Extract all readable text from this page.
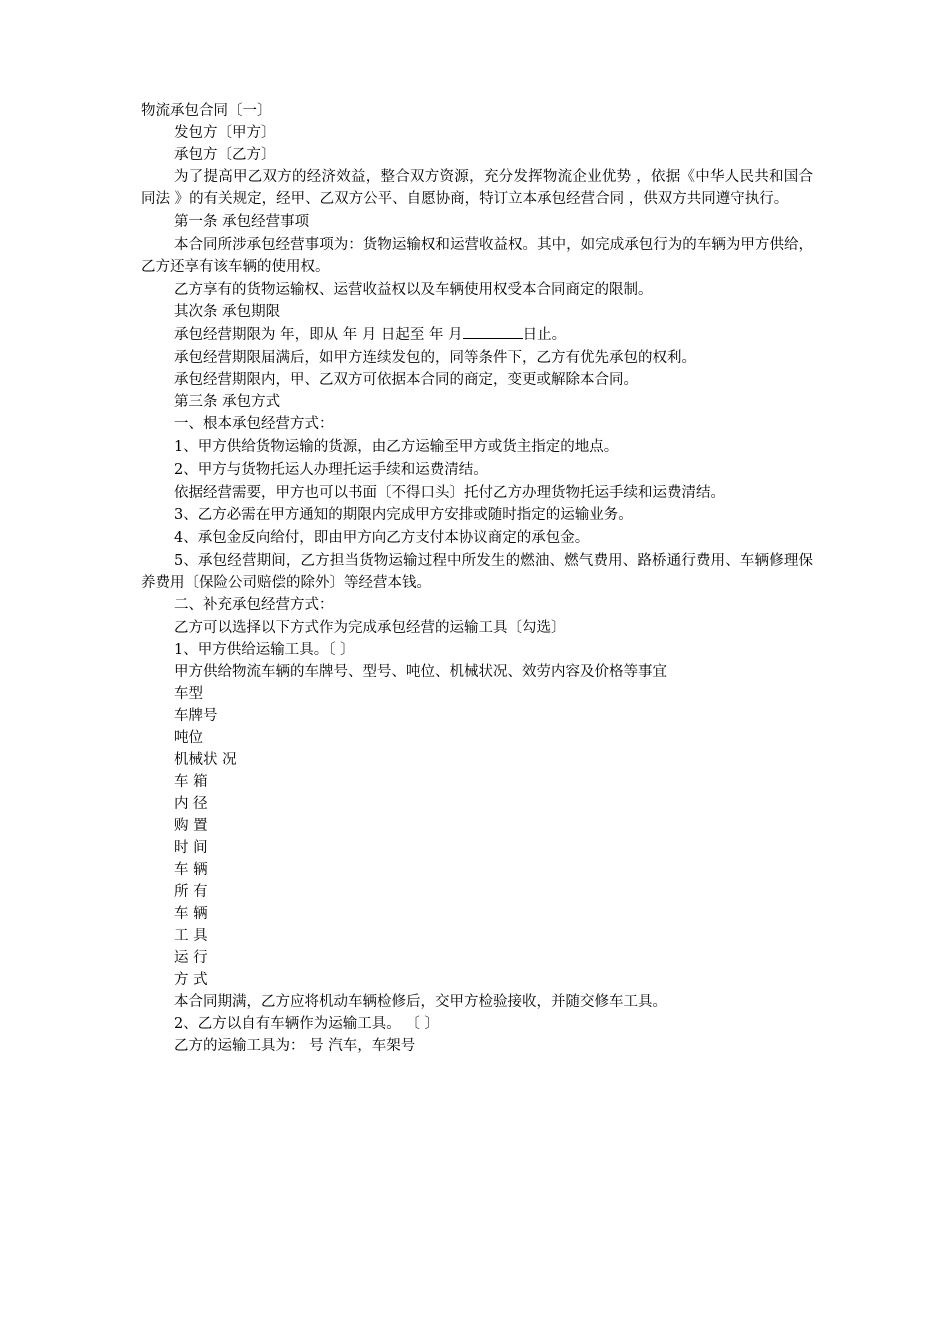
物流承包合同〔一〕

发包方〔甲方〕

承包方〔乙方〕

为了提高甲乙双方的经济效益，整合双方资源，充分发挥物流企业优势 ，依据《中华人民共和国合同法 》的有关规定，经甲、乙双方公平、自愿协商，特订立本承包经营合同 ，供双方共同遵守执行。

第一条 承包经营事项

本合同所涉承包经营事项为：货物运输权和运营收益权。其中，如完成承包行为的车辆为甲方供给，乙方还享有该车辆的使用权。

乙方享有的货物运输权、运营收益权以及车辆使用权受本合同商定的限制。

其次条 承包期限

承包经营期限为 年，即从 年 月 日起至 年 月	日止。

承包经营期限届满后，如甲方连续发包的，同等条件下，乙方有优先承包的权利。

承包经营期限内，甲、乙双方可依据本合同的商定，变更或解除本合同。

第三条 承包方式

一、根本承包经营方式：

1、甲方供给货物运输的货源，由乙方运输至甲方或货主指定的地点。

2、甲方与货物托运人办理托运手续和运费清结。

依据经营需要，甲方也可以书面〔不得口头〕托付乙方办理货物托运手续和运费清结。

3、乙方必需在甲方通知的期限内完成甲方安排或随时指定的运输业务。

4、承包金反向给付，即由甲方向乙方支付本协议商定的承包金。

5、承包经营期间，乙方担当货物运输过程中所发生的燃油、燃气费用、路桥通行费用、车辆修理保养费用〔保险公司赔偿的除外〕等经营本钱。

二、补充承包经营方式：

乙方可以选择以下方式作为完成承包经营的运输工具〔勾选〕

1、甲方供给运输工具。〔 〕

甲方供给物流车辆的车牌号、型号、吨位、机械状况、效劳内容及价格等事宜

车型

车牌号

吨位

机械状 况

车 箱

内 径

购 置

时 间

车 辆

所 有

车 辆

工 具

运 行

方 式

本合同期满，乙方应将机动车辆检修后，交甲方检验接收，并随交修车工具。

2、乙方以自有车辆作为运输工具。 〔 〕

乙方的运输工具为： 号 汽车，车架号
